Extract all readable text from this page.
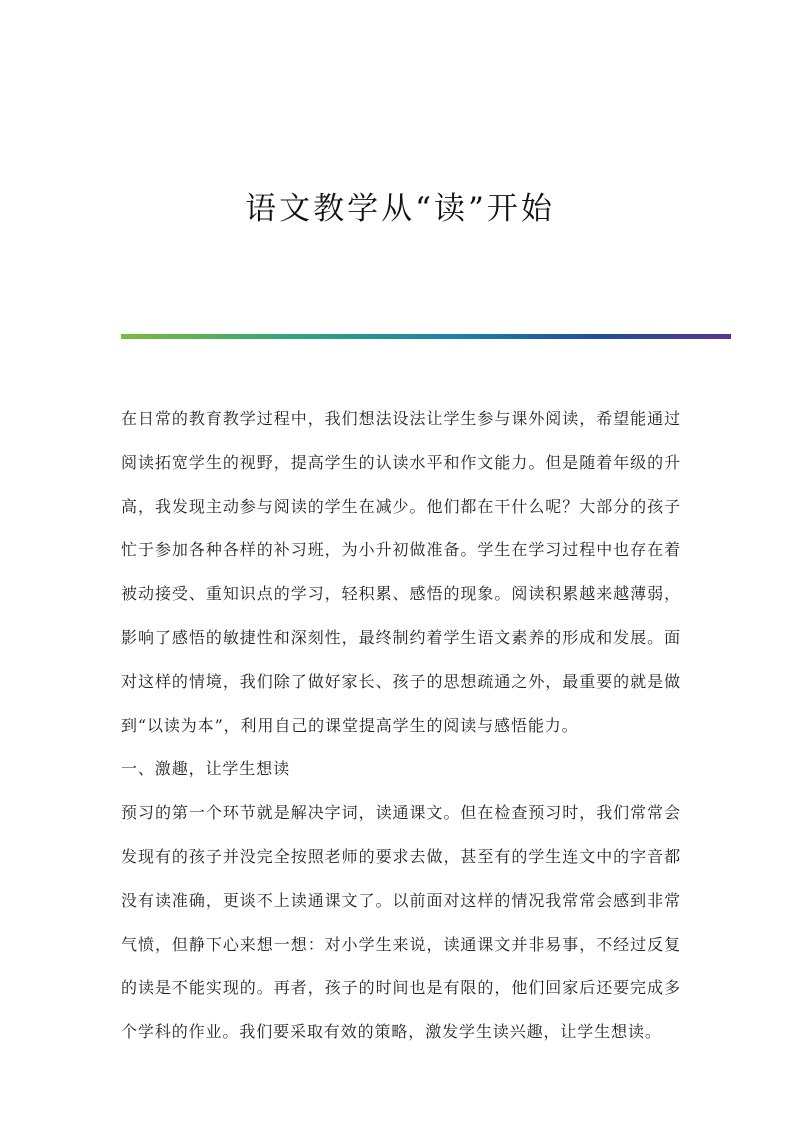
语文教学从“读”开始

在日常的教育教学过程中，我们想法设法让学生参与课外阅读，希望能通过阅读拓宽学生的视野，提高学生的认读水平和作文能力。但是随着年级的升高，我发现主动参与阅读的学生在减少。他们都在干什么呢？大部分的孩子忙于参加各种各样的补习班，为小升初做准备。学生在学习过程中也存在着被动接受、重知识点的学习，轻积累、感悟的现象。阅读积累越来越薄弱，影响了感悟的敏捷性和深刻性，最终制约着学生语文素养的形成和发展。面对这样的情境，我们除了做好家长、孩子的思想疏通之外，最重要的就是做到“以读为本”，利用自己的课堂提高学生的阅读与感悟能力。

一、激趣，让学生想读

预习的第一个环节就是解决字词，读通课文。但在检查预习时，我们常常会发现有的孩子并没完全按照老师的要求去做，甚至有的学生连文中的字音都没有读准确，更谈不上读通课文了。以前面对这样的情况我常常会感到非常气愤，但静下心来想一想：对小学生来说，读通课文并非易事，不经过反复的读是不能实现的。再者，孩子的时间也是有限的，他们回家后还要完成多个学科的作业。我们要采取有效的策略，激发学生读兴趣，让学生想读。
